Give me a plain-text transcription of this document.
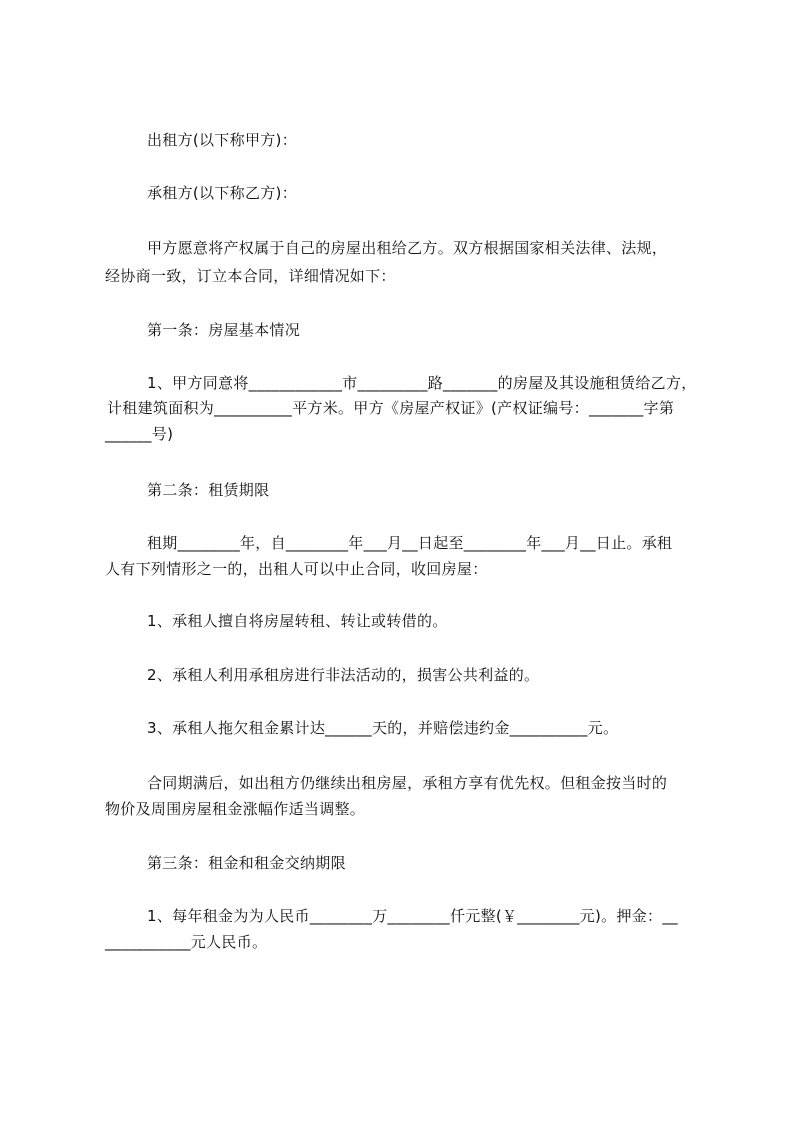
出租方(以下称甲方)：
承租方(以下称乙方)：
甲方愿意将产权属于自己的房屋出租给乙方。双方根据国家相关法律、法规，
经协商一致，订立本合同，详细情况如下：
第一条：房屋基本情况
1、甲方同意将____________市_________路_______的房屋及其设施租赁给乙方，
计租建筑面积为__________平方米。甲方《房屋产权证》(产权证编号：_______字第
______号)
第二条：租赁期限
租期________年，自________年___月__日起至________年___月__日止。承租
人有下列情形之一的，出租人可以中止合同，收回房屋：
1、承租人擅自将房屋转租、转让或转借的。
2、承租人利用承租房进行非法活动的，损害公共利益的。
3、承租人拖欠租金累计达______天的，并赔偿违约金__________元。
合同期满后，如出租方仍继续出租房屋，承租方享有优先权。但租金按当时的
物价及周围房屋租金涨幅作适当调整。
第三条：租金和租金交纳期限
1、每年租金为为人民币________万________仟元整(￥________元)。押金：__
___________元人民币。
